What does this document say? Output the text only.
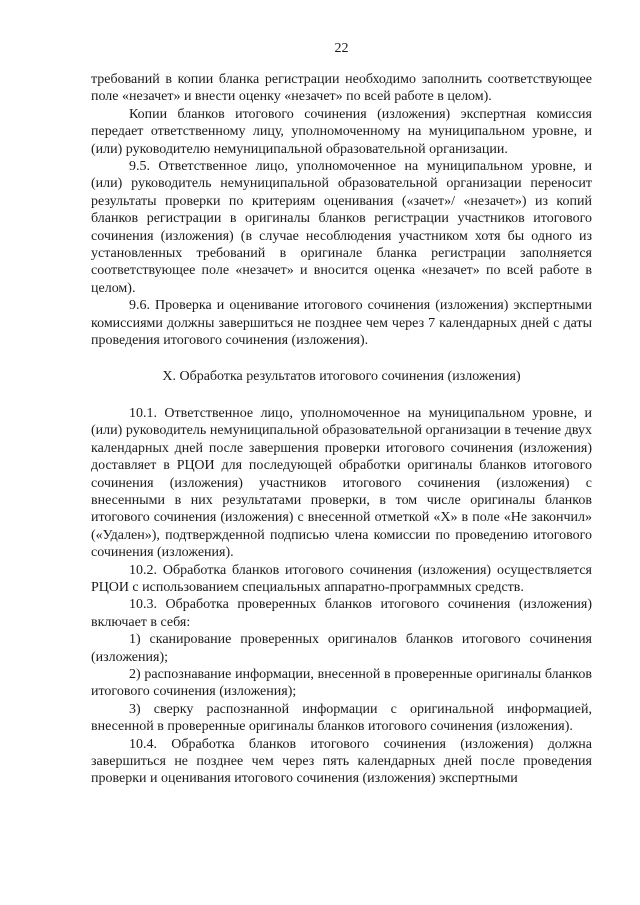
22

требований в копии бланка регистрации необходимо заполнить соответствующее поле «незачет» и внести оценку «незачет» по всей работе в целом).

Копии бланков итогового сочинения (изложения) экспертная комиссия передает ответственному лицу, уполномоченному на муниципальном уровне, и (или) руководителю немуниципальной образовательной организации.

9.5. Ответственное лицо, уполномоченное на муниципальном уровне, и (или) руководитель немуниципальной образовательной организации переносит результаты проверки по критериям оценивания («зачет»/ «незачет») из копий бланков регистрации в оригиналы бланков регистрации участников итогового сочинения (изложения) (в случае несоблюдения участником хотя бы одного из установленных требований в оригинале бланка регистрации заполняется соответствующее поле «незачет» и вносится оценка «незачет» по всей работе в целом).

9.6. Проверка и оценивание итогового сочинения (изложения) экспертными комиссиями должны завершиться не позднее чем через 7 календарных дней с даты проведения итогового сочинения (изложения).

X. Обработка результатов итогового сочинения (изложения)

10.1. Ответственное лицо, уполномоченное на муниципальном уровне, и (или) руководитель немуниципальной образовательной организации в течение двух календарных дней после завершения проверки итогового сочинения (изложения) доставляет в РЦОИ для последующей обработки оригиналы бланков итогового сочинения (изложения) участников итогового сочинения (изложения) с внесенными в них результатами проверки, в том числе оригиналы бланков итогового сочинения (изложения) с внесенной отметкой «X» в поле «Не закончил» («Удален»), подтвержденной подписью члена комиссии по проведению итогового сочинения (изложения).

10.2. Обработка бланков итогового сочинения (изложения) осуществляется РЦОИ с использованием специальных аппаратно-программных средств.

10.3. Обработка проверенных бланков итогового сочинения (изложения) включает в себя:

1) сканирование проверенных оригиналов бланков итогового сочинения (изложения);

2) распознавание информации, внесенной в проверенные оригиналы бланков итогового сочинения (изложения);

3) сверку распознанной информации с оригинальной информацией, внесенной в проверенные оригиналы бланков итогового сочинения (изложения).

10.4. Обработка бланков итогового сочинения (изложения) должна завершиться не позднее чем через пять календарных дней после проведения проверки и оценивания итогового сочинения (изложения) экспертными
